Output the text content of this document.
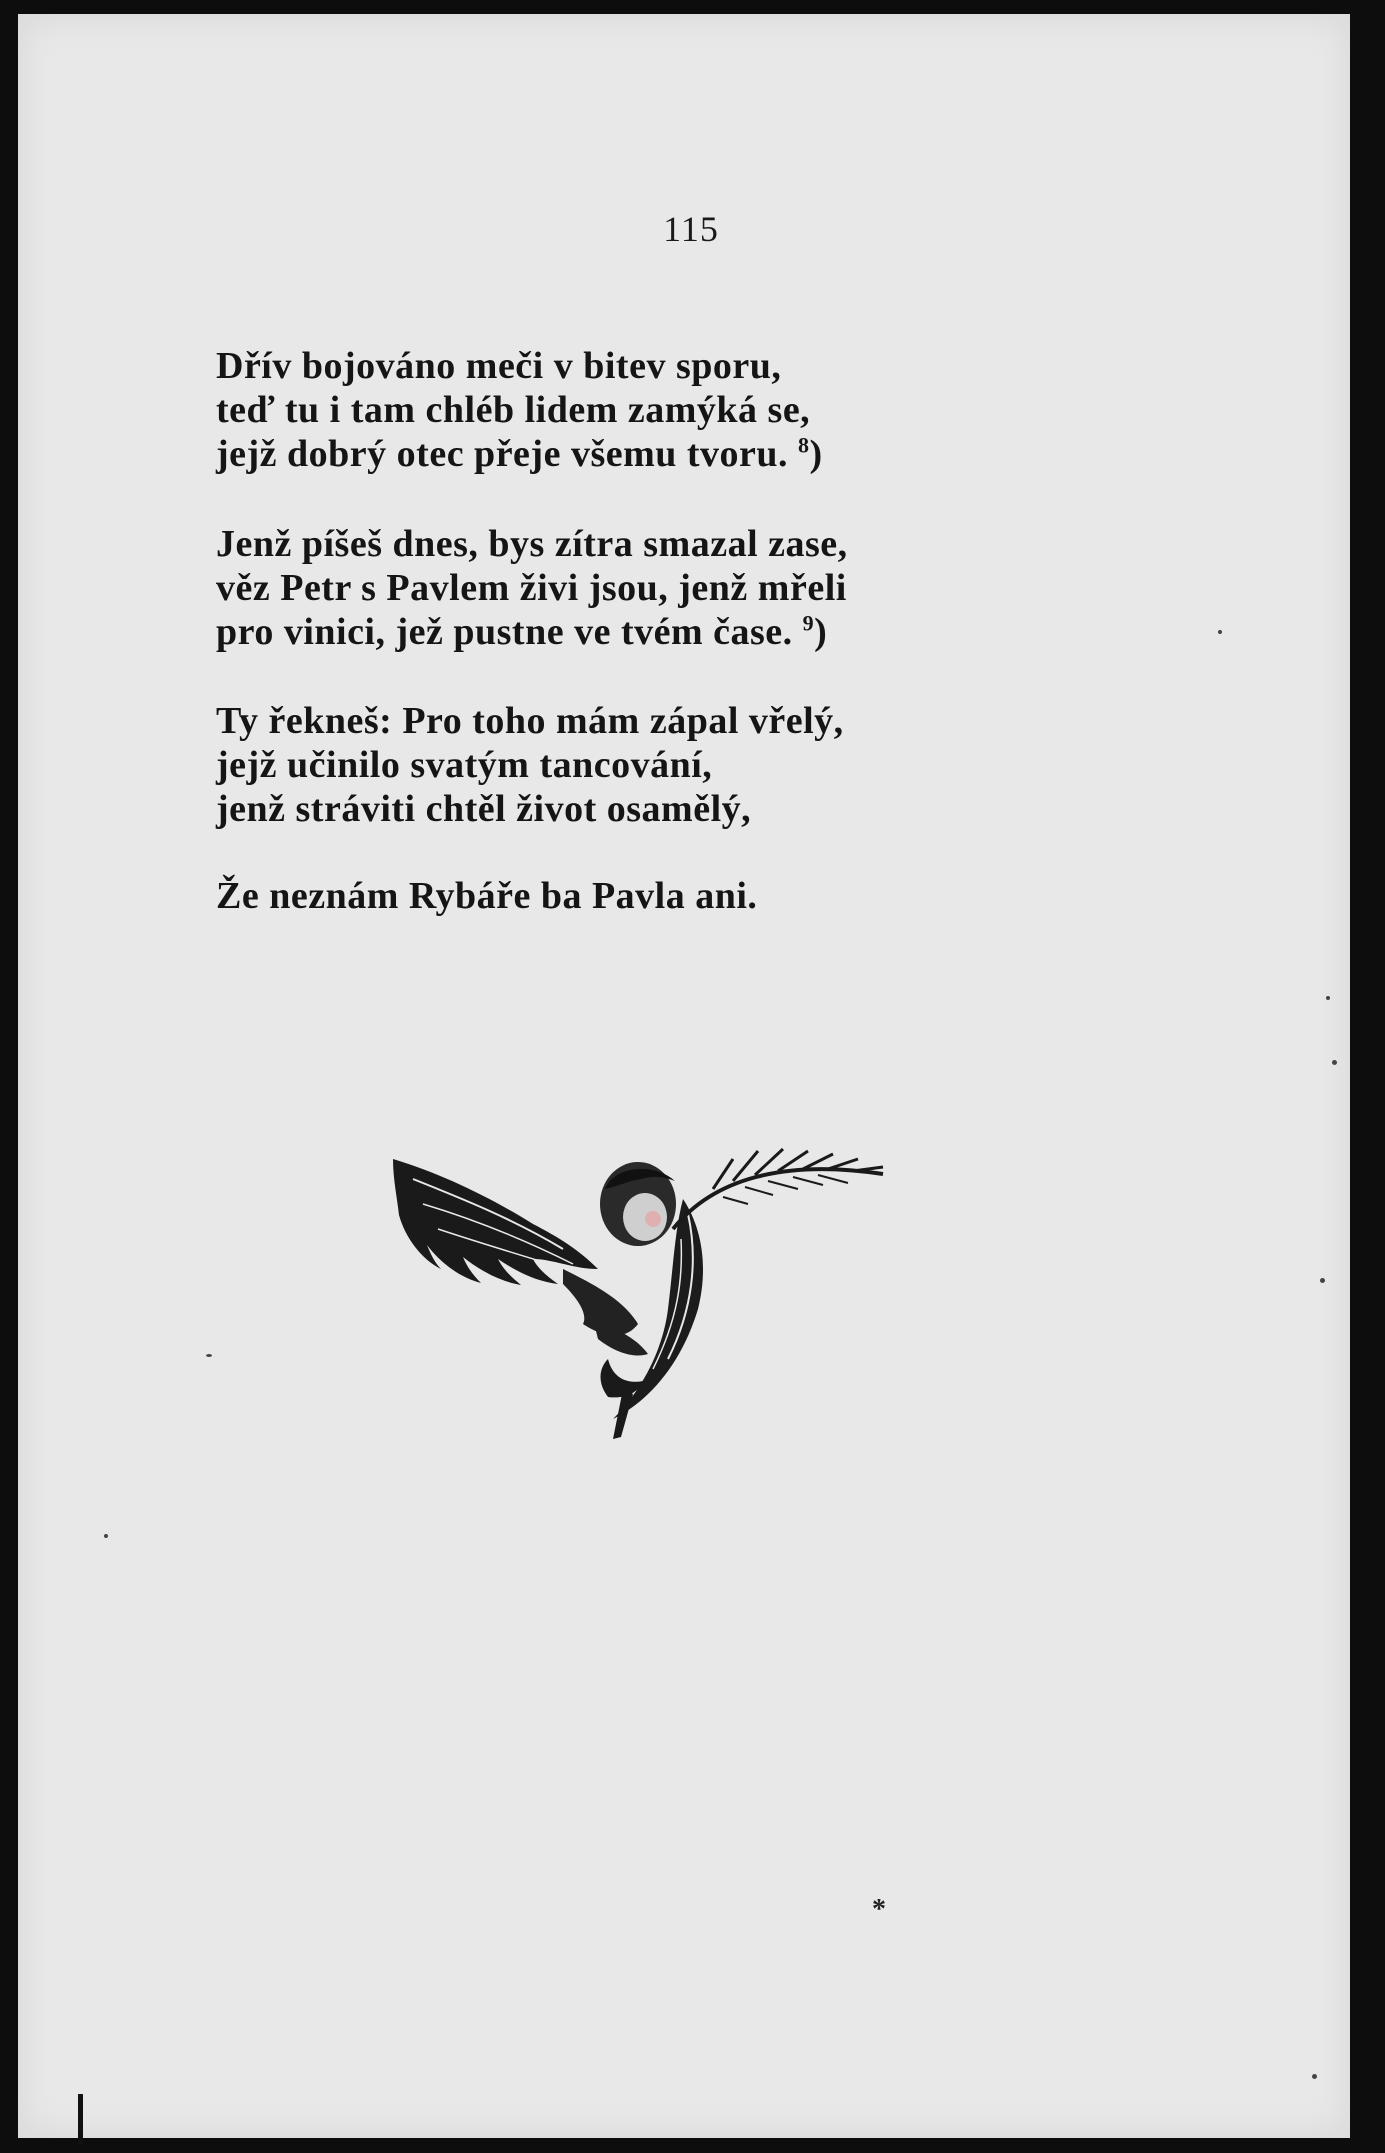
115
Dřív bojováno meči v bitev sporu,
teď tu i tam chléb lidem zamýká se,
jejž dobrý otec přeje všemu tvoru. $^8$)
Jenž píšeš dnes, bys zítra smazal zase,
věz Petr s Pavlem živi jsou, jenž mřeli
pro vinici, jež pustne ve tvém čase. $^9$)
Ty řekneš: Pro toho mám zápal vřelý,
jejž učinilo svatým tancování,
jenž stráviti chtěl život osamělý,
Že neznám Rybáře ba Pavla ani.
*
